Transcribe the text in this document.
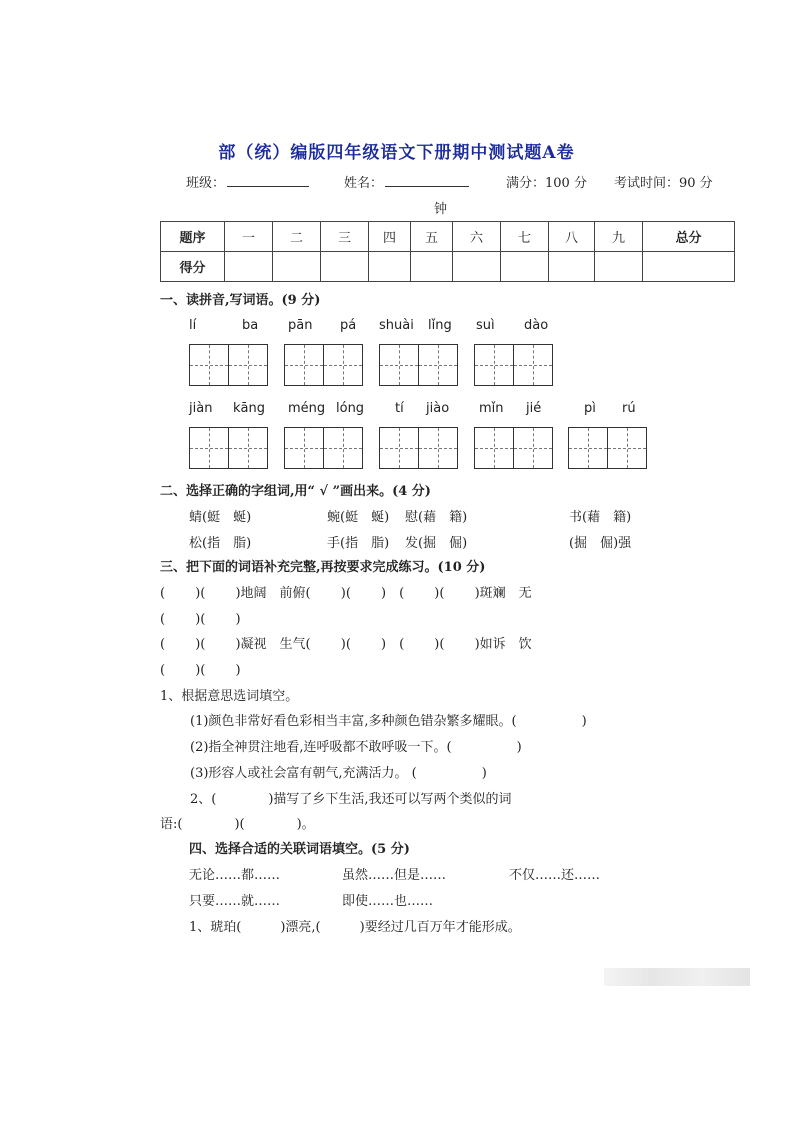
部（统）编版四年级语文下册期中测试题A卷
班级：	姓名：	满分：100 分 考试时间：90 分
钟
题序	一	二	三	四	五	六	七	八	九	总分
得分										
一、读拼音,写词语。(9 分)
lí	ba pān pá shuài lǐng suì dào
jiàn kāng méng lóng tí jiào mǐn jié	pì rú
二、选择正确的字组词,用“ √ ”画出来。(4 分)
蜻(蜓　蜒)	蜿(蜓　蜒) 慰(藉　籍)	书(藉　籍)
松(指　脂)	手(指　脂) 发(掘　倔)	(掘　倔)强
三、把下面的词语补充完整,再按要求完成练习。(10 分)
(　　 )(　　 )地阔　前俯(　　 )(　　 )　(　　 )(　　 )斑斓　无
(　　 )(　　 )
(　　 )(　　 )凝视　生气(　　 )(　　 )　(　　 )(　　 )如诉　饮
(　　 )(　　 )
1、根据意思选词填空。
(1)颜色非常好看色彩相当丰富,多种颜色错杂繁多耀眼。(　　　　　)
(2)指全神贯注地看,连呼吸都不敢呼吸一下。(　　　　　)
(3)形容人或社会富有朝气,充满活力。 (　　　　　)
2、(　　　　)描写了乡下生活,我还可以写两个类似的词
语:(　　　　)(　　　　)。
四、选择合适的关联词语填空。(5 分)
无论……都……	虽然……但是……	不仅……还……
只要……就……	即使……也……
1、琥珀(　　　)漂亮,(　　　)要经过几百万年才能形成。
